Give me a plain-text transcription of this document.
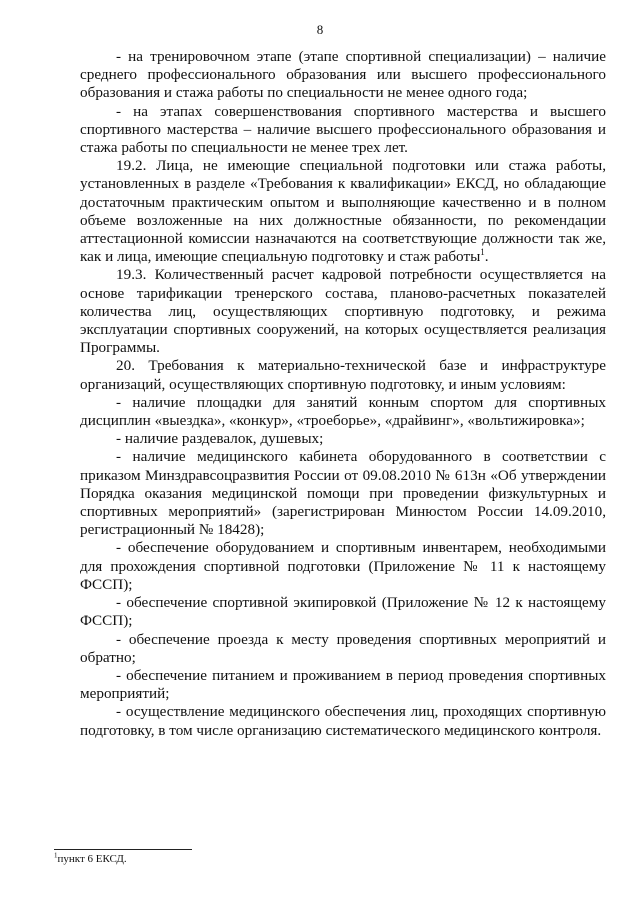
8

- на тренировочном этапе (этапе спортивной специализации) – наличие среднего профессионального образования или высшего профессионального образования и стажа работы по специальности не менее одного года;

- на этапах совершенствования спортивного мастерства и высшего спортивного мастерства – наличие высшего профессионального образования и стажа работы по специальности не менее трех лет.

19.2. Лица, не имеющие специальной подготовки или стажа работы, установленных в разделе «Требования к квалификации» ЕКСД, но обладающие достаточным практическим опытом и выполняющие качественно и в полном объеме возложенные на них должностные обязанности, по рекомендации аттестационной комиссии назначаются на соответствующие должности так же, как и лица, имеющие специальную подготовку и стаж работы$^1$.

19.3. Количественный расчет кадровой потребности осуществляется на основе тарификации тренерского состава, планово-расчетных показателей количества лиц, осуществляющих спортивную подготовку, и режима эксплуатации спортивных сооружений, на которых осуществляется реализация Программы.

20. Требования к материально-технической базе и инфраструктуре организаций, осуществляющих спортивную подготовку, и иным условиям:

- наличие площадки для занятий конным спортом для спортивных дисциплин «выездка», «конкур», «троеборье», «драйвинг», «вольтижировка»;

- наличие раздевалок, душевых;

- наличие медицинского кабинета оборудованного в соответствии с приказом Минздравсоцразвития России от 09.08.2010 № 613н «Об утверждении Порядка оказания медицинской помощи при проведении физкультурных и спортивных мероприятий» (зарегистрирован Минюстом России 14.09.2010, регистрационный № 18428);

- обеспечение оборудованием и спортивным инвентарем, необходимыми для прохождения спортивной подготовки (Приложение № 11 к настоящему ФССП);

- обеспечение спортивной экипировкой (Приложение № 12 к настоящему ФССП);

- обеспечение проезда к месту проведения спортивных мероприятий и обратно;

- обеспечение питанием и проживанием в период проведения спортивных мероприятий;

- осуществление медицинского обеспечения лиц, проходящих спортивную подготовку, в том числе организацию систематического медицинского контроля.

$^1$пункт 6 ЕКСД.
